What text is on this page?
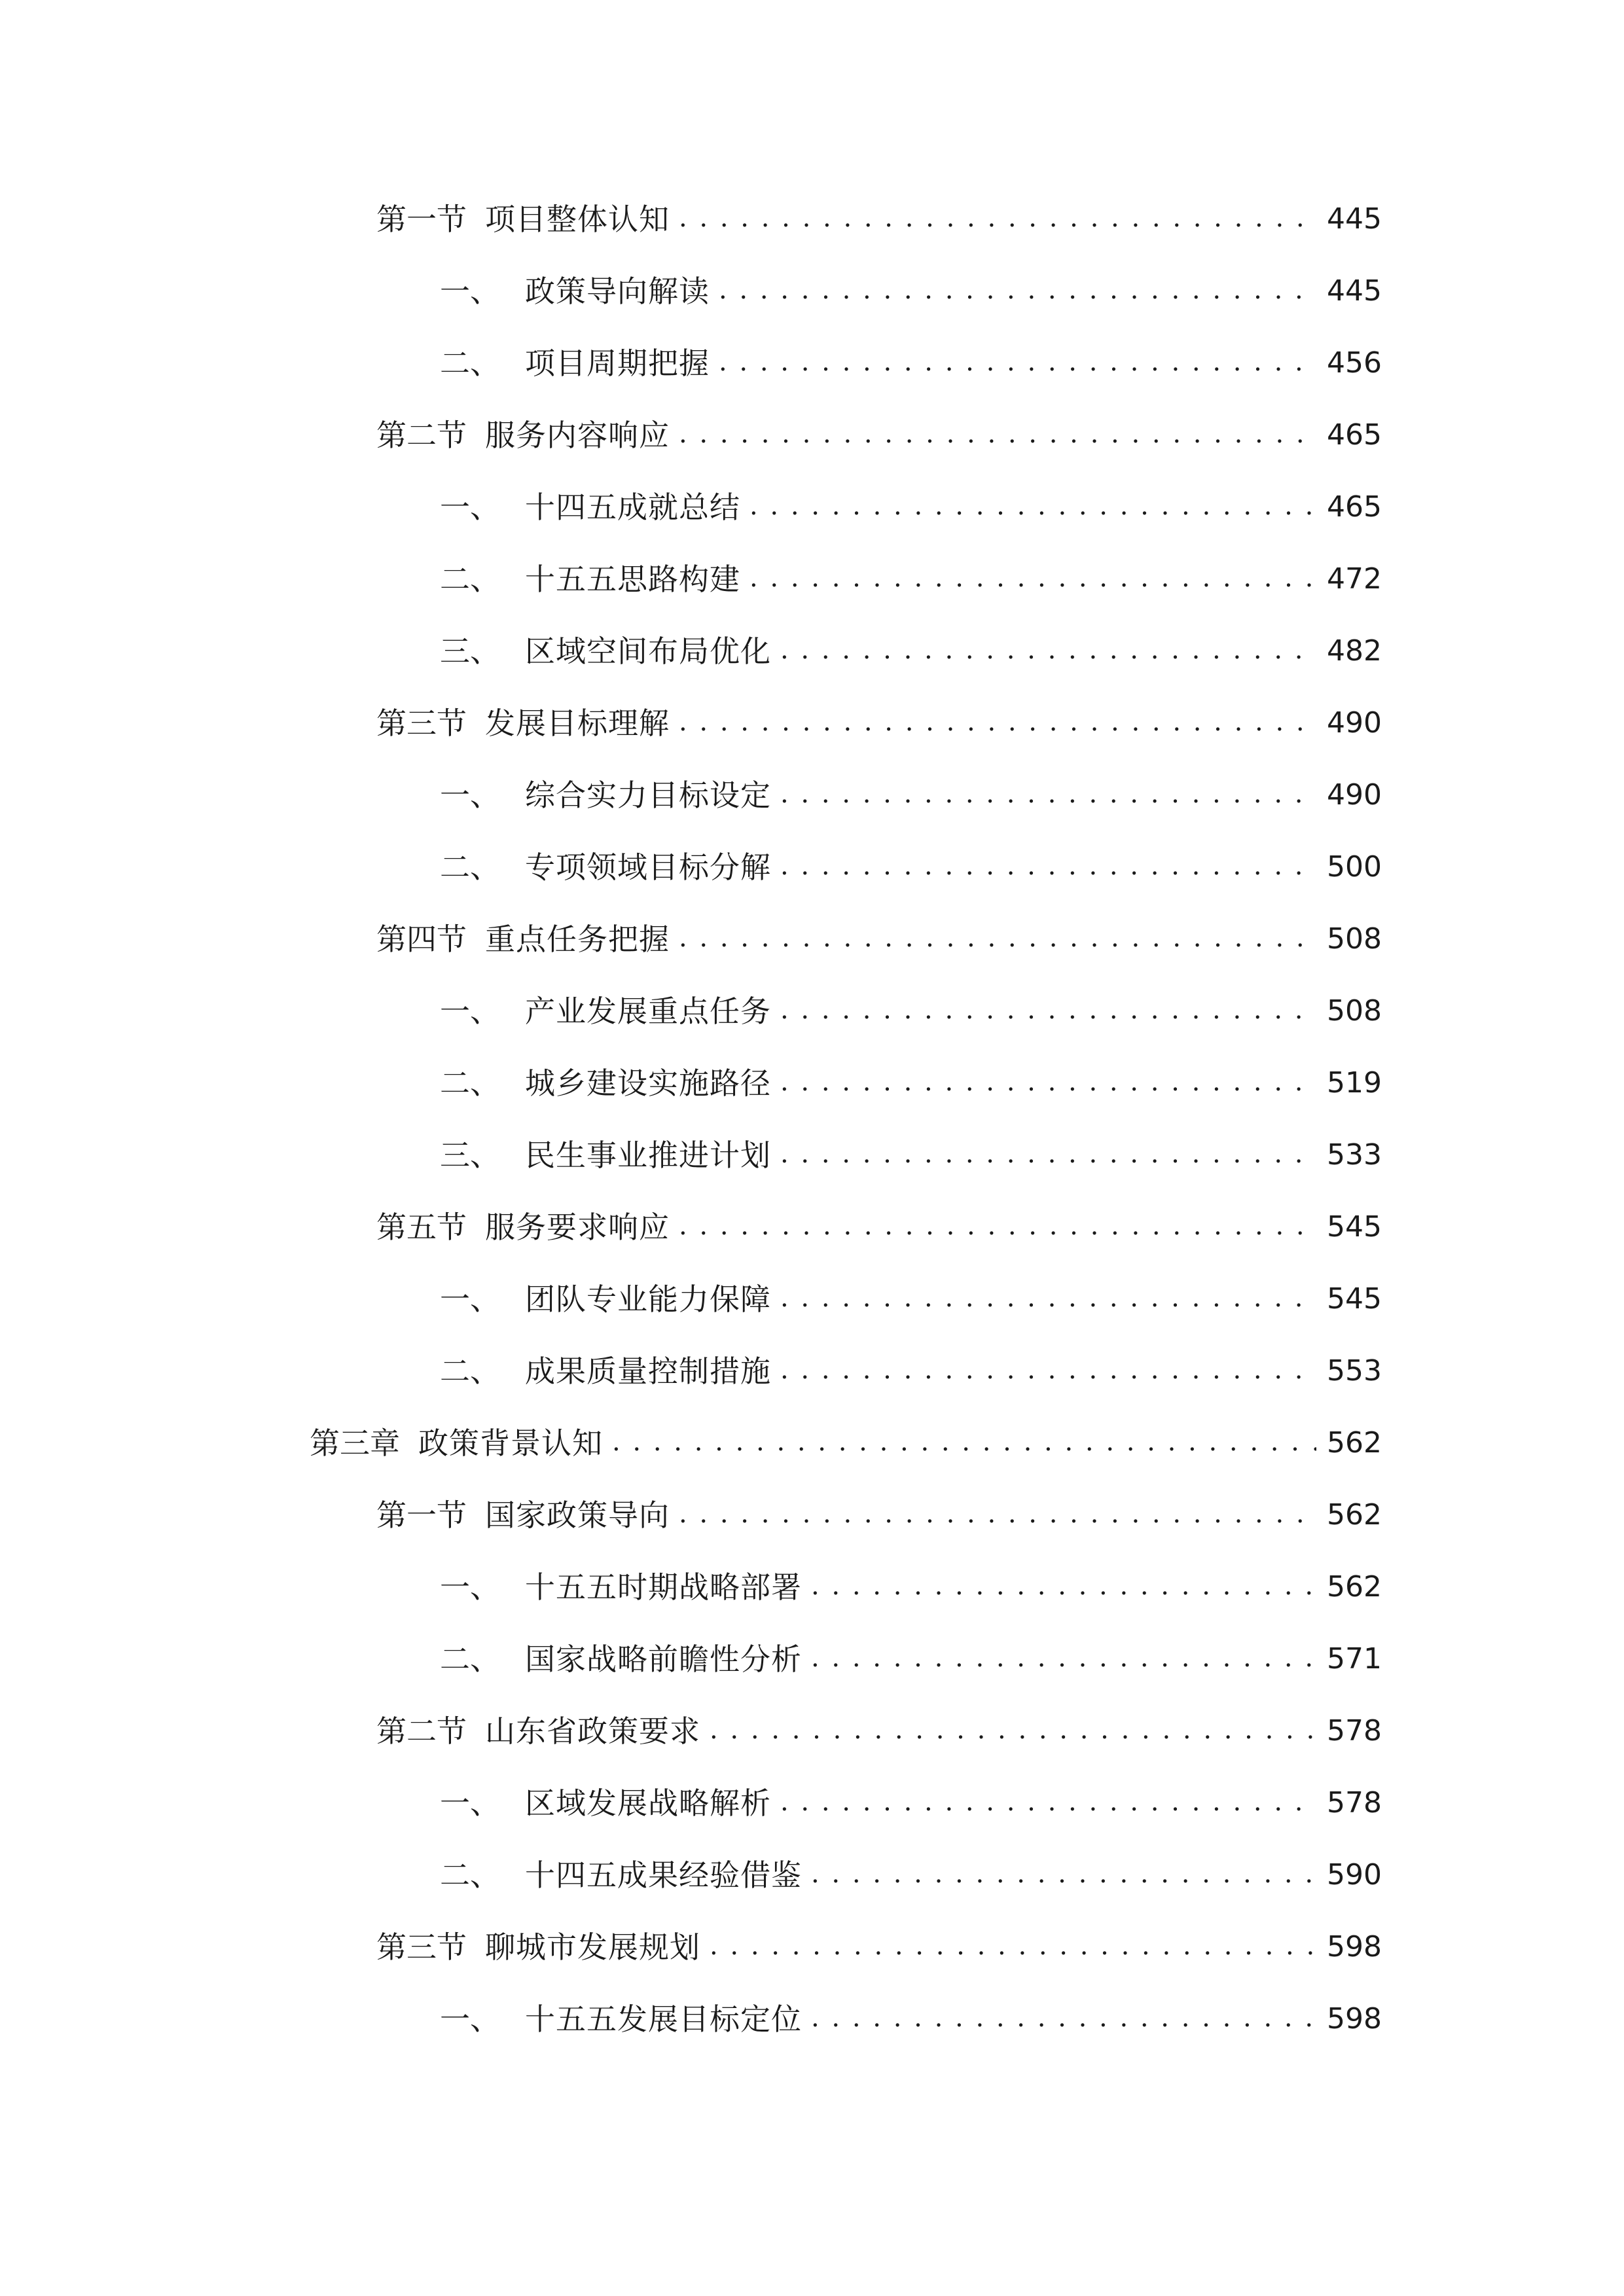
第一节 项目整体认知 . . .	445
一、 政策导向解读 . . .	445
二、 项目周期把握 . . .	456
第二节 服务内容响应 . . .	465
一、 十四五成就总结 . . .	465
二、 十五五思路构建 . . .	472
三、 区域空间布局优化 . . .	482
第三节 发展目标理解 . . .	490
一、 综合实力目标设定 . . .	490
二、 专项领域目标分解 . . .	500
第四节 重点任务把握 . . .	508
一、 产业发展重点任务 . . .	508
二、 城乡建设实施路径 . . .	519
三、 民生事业推进计划 . . .	533
第五节 服务要求响应 . . .	545
一、 团队专业能力保障 . . .	545
二、 成果质量控制措施 . . .	553
第三章 政策背景认知 . . .	562
第一节 国家政策导向 . . .	562
一、 十五五时期战略部署 . . .	562
二、 国家战略前瞻性分析 . . .	571
第二节 山东省政策要求 . . .	578
一、 区域发展战略解析 . . .	578
二、 十四五成果经验借鉴 . . .	590
第三节 聊城市发展规划 . . .	598
一、 十五五发展目标定位 . . .	598
